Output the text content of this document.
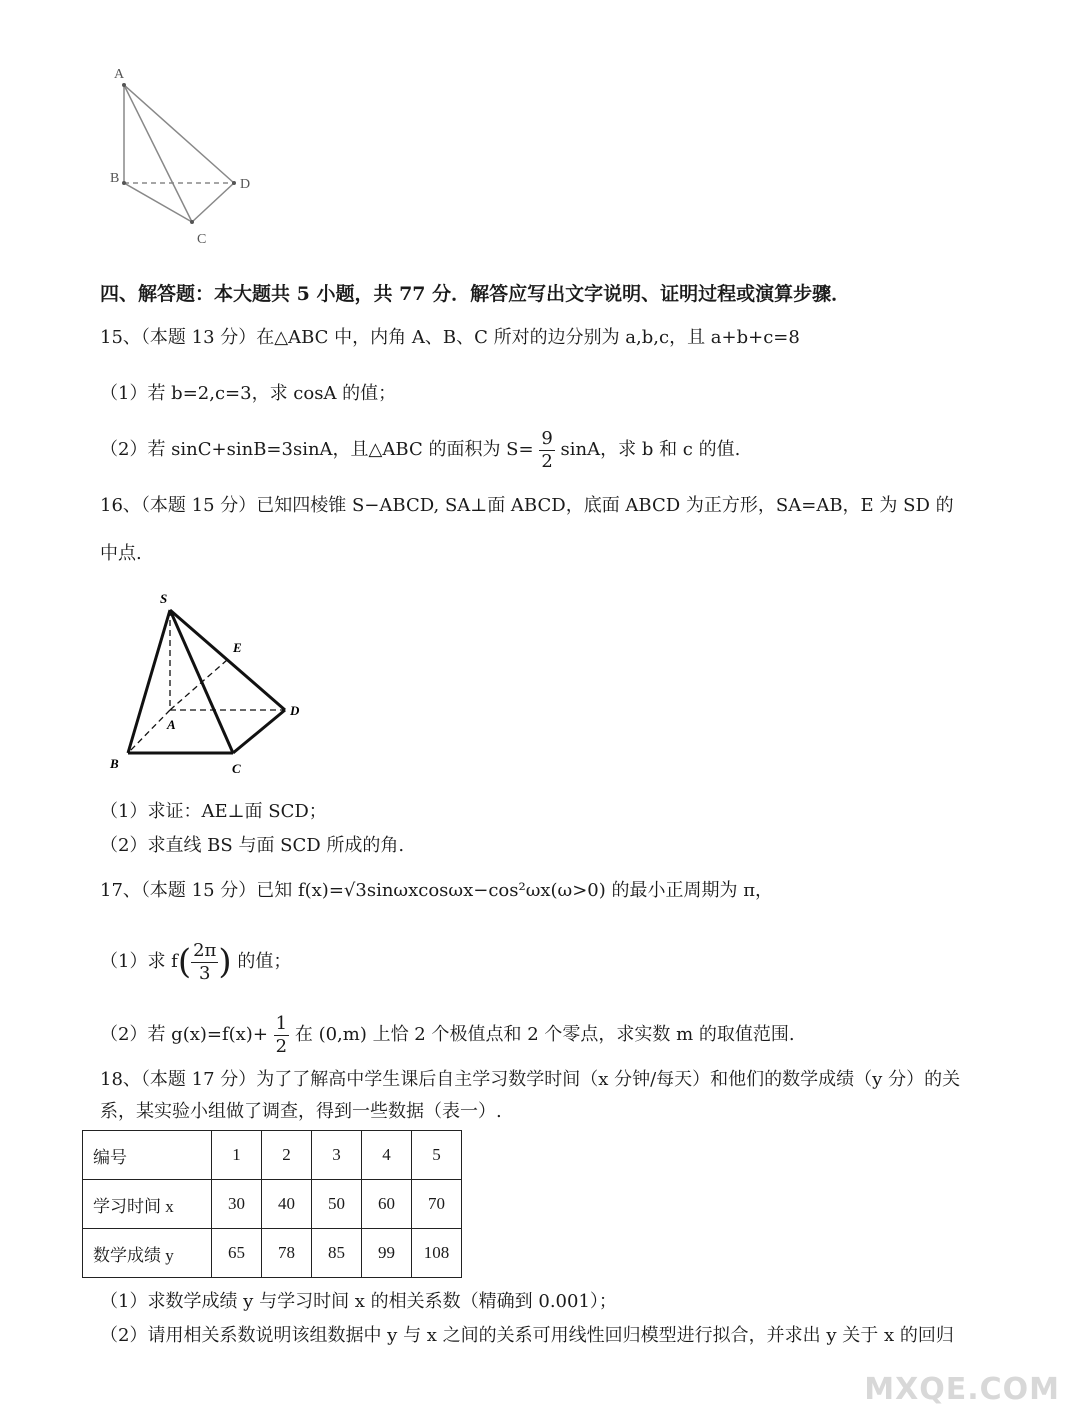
A
B
C
D
四、解答题：本大题共 5 小题，共 77 分．解答应写出文字说明、证明过程或演算步骤．
15、（本题 13 分）在△ABC 中，内角 A、B、C 所对的边分别为 a,b,c，且 a+b+c=8
（1）若 b=2,c=3，求 cosA 的值；
（2）若 sinC+sinB=3sinA，且△ABC 的面积为 $S= \frac{9}{2}$ sinA，求 b 和 c 的值.
16、（本题 15 分）已知四棱锥 S−ABCD, SA⊥面 ABCD，底面 ABCD 为正方形，SA=AB，E 为 SD 的
中点.
S
E
A
B	C
D
（1）求证：AE⊥面 SCD；
（2）求直线 BS 与面 SCD 所成的角.
17、（本题 15 分）已知 f(x)=√3sinωxcosωx−cos²ωx(ω>0) 的最小正周期为 π，
（1）求 $f( \frac{2\pi}{3}$ ) 的值；
（2）若 $g(x)=f(x)+ \frac{1}{2}$ 在 (0,m) 上恰 2 个极值点和 2 个零点，求实数 m 的取值范围.
18、（本题 17 分）为了了解高中学生课后自主学习数学时间（x 分钟/每天）和他们的数学成绩（y 分）的关
系，某实验小组做了调查，得到一些数据（表一）.
编号	1	2	3	4	5
学习时间 x	30	40	50	60	70
数学成绩 y	65	78	85	99	108
（1）求数学成绩 y 与学习时间 x 的相关系数（精确到 0.001）；
（2）请用相关系数说明该组数据中 y 与 x 之间的关系可用线性回归模型进行拟合，并求出 y 关于 x 的回归
MXQE.COM
